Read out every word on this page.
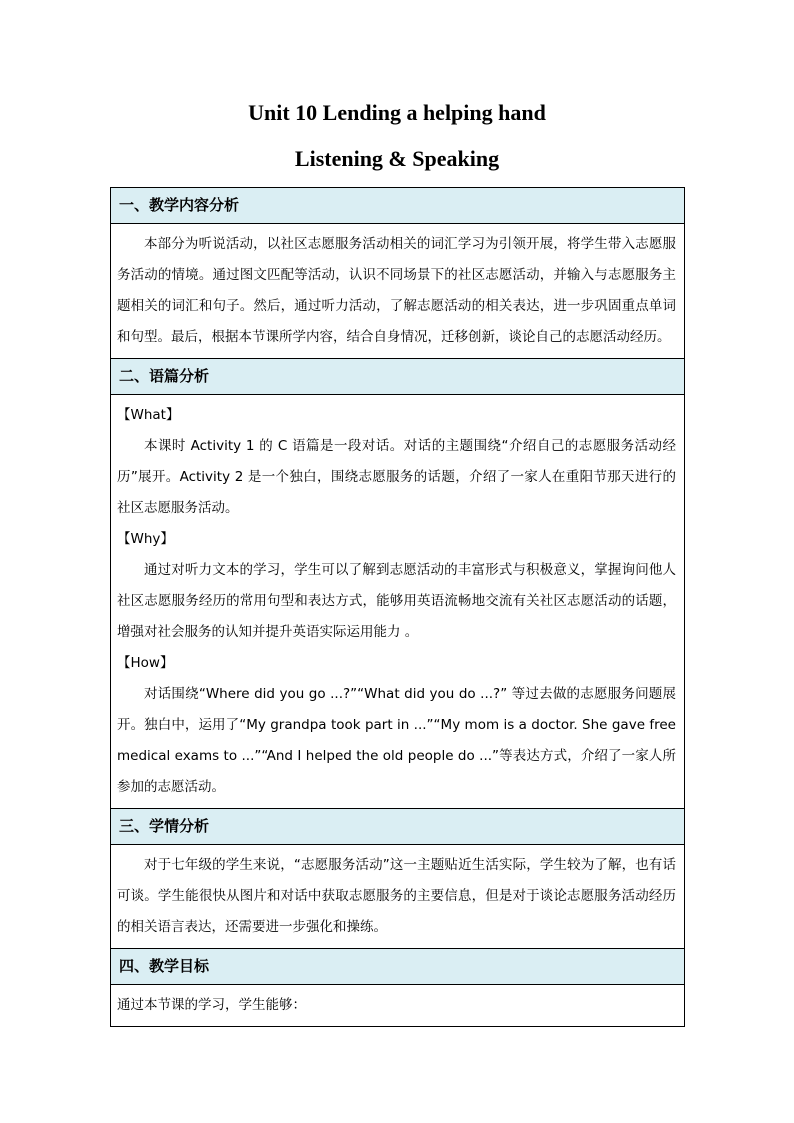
Unit 10 Lending a helping hand
Listening & Speaking
一、教学内容分析

本部分为听说活动，以社区志愿服务活动相关的词汇学习为引领开展，将学生带入志愿服务活动的情境。通过图文匹配等活动，认识不同场景下的社区志愿活动，并输入与志愿服务主题相关的词汇和句子。然后，通过听力活动，了解志愿活动的相关表达，进一步巩固重点单词和句型。最后，根据本节课所学内容，结合自身情况，迁移创新，谈论自己的志愿活动经历。

二、语篇分析

【What】

本课时 Activity 1 的 C 语篇是一段对话。对话的主题围绕“介绍自己的志愿服务活动经历”展开。Activity 2 是一个独白，围绕志愿服务的话题，介绍了一家人在重阳节那天进行的社区志愿服务活动。

【Why】

通过对听力文本的学习，学生可以了解到志愿活动的丰富形式与积极意义，掌握询问他人社区志愿服务经历的常用句型和表达方式，能够用英语流畅地交流有关社区志愿活动的话题，增强对社会服务的认知并提升英语实际运用能力 。

【How】

对话围绕“Where did you go ...?”“What did you do ...?” 等过去做的志愿服务问题展开。独白中，运用了“My grandpa took part in ...”“My mom is a doctor. She gave free medical exams to ...”“And I helped the old people do ...”等表达方式，介绍了一家人所参加的志愿活动。

三、学情分析

对于七年级的学生来说，“志愿服务活动”这一主题贴近生活实际，学生较为了解，也有话可谈。学生能很快从图片和对话中获取志愿服务的主要信息，但是对于谈论志愿服务活动经历的相关语言表达，还需要进一步强化和操练。

四、教学目标

通过本节课的学习，学生能够：
